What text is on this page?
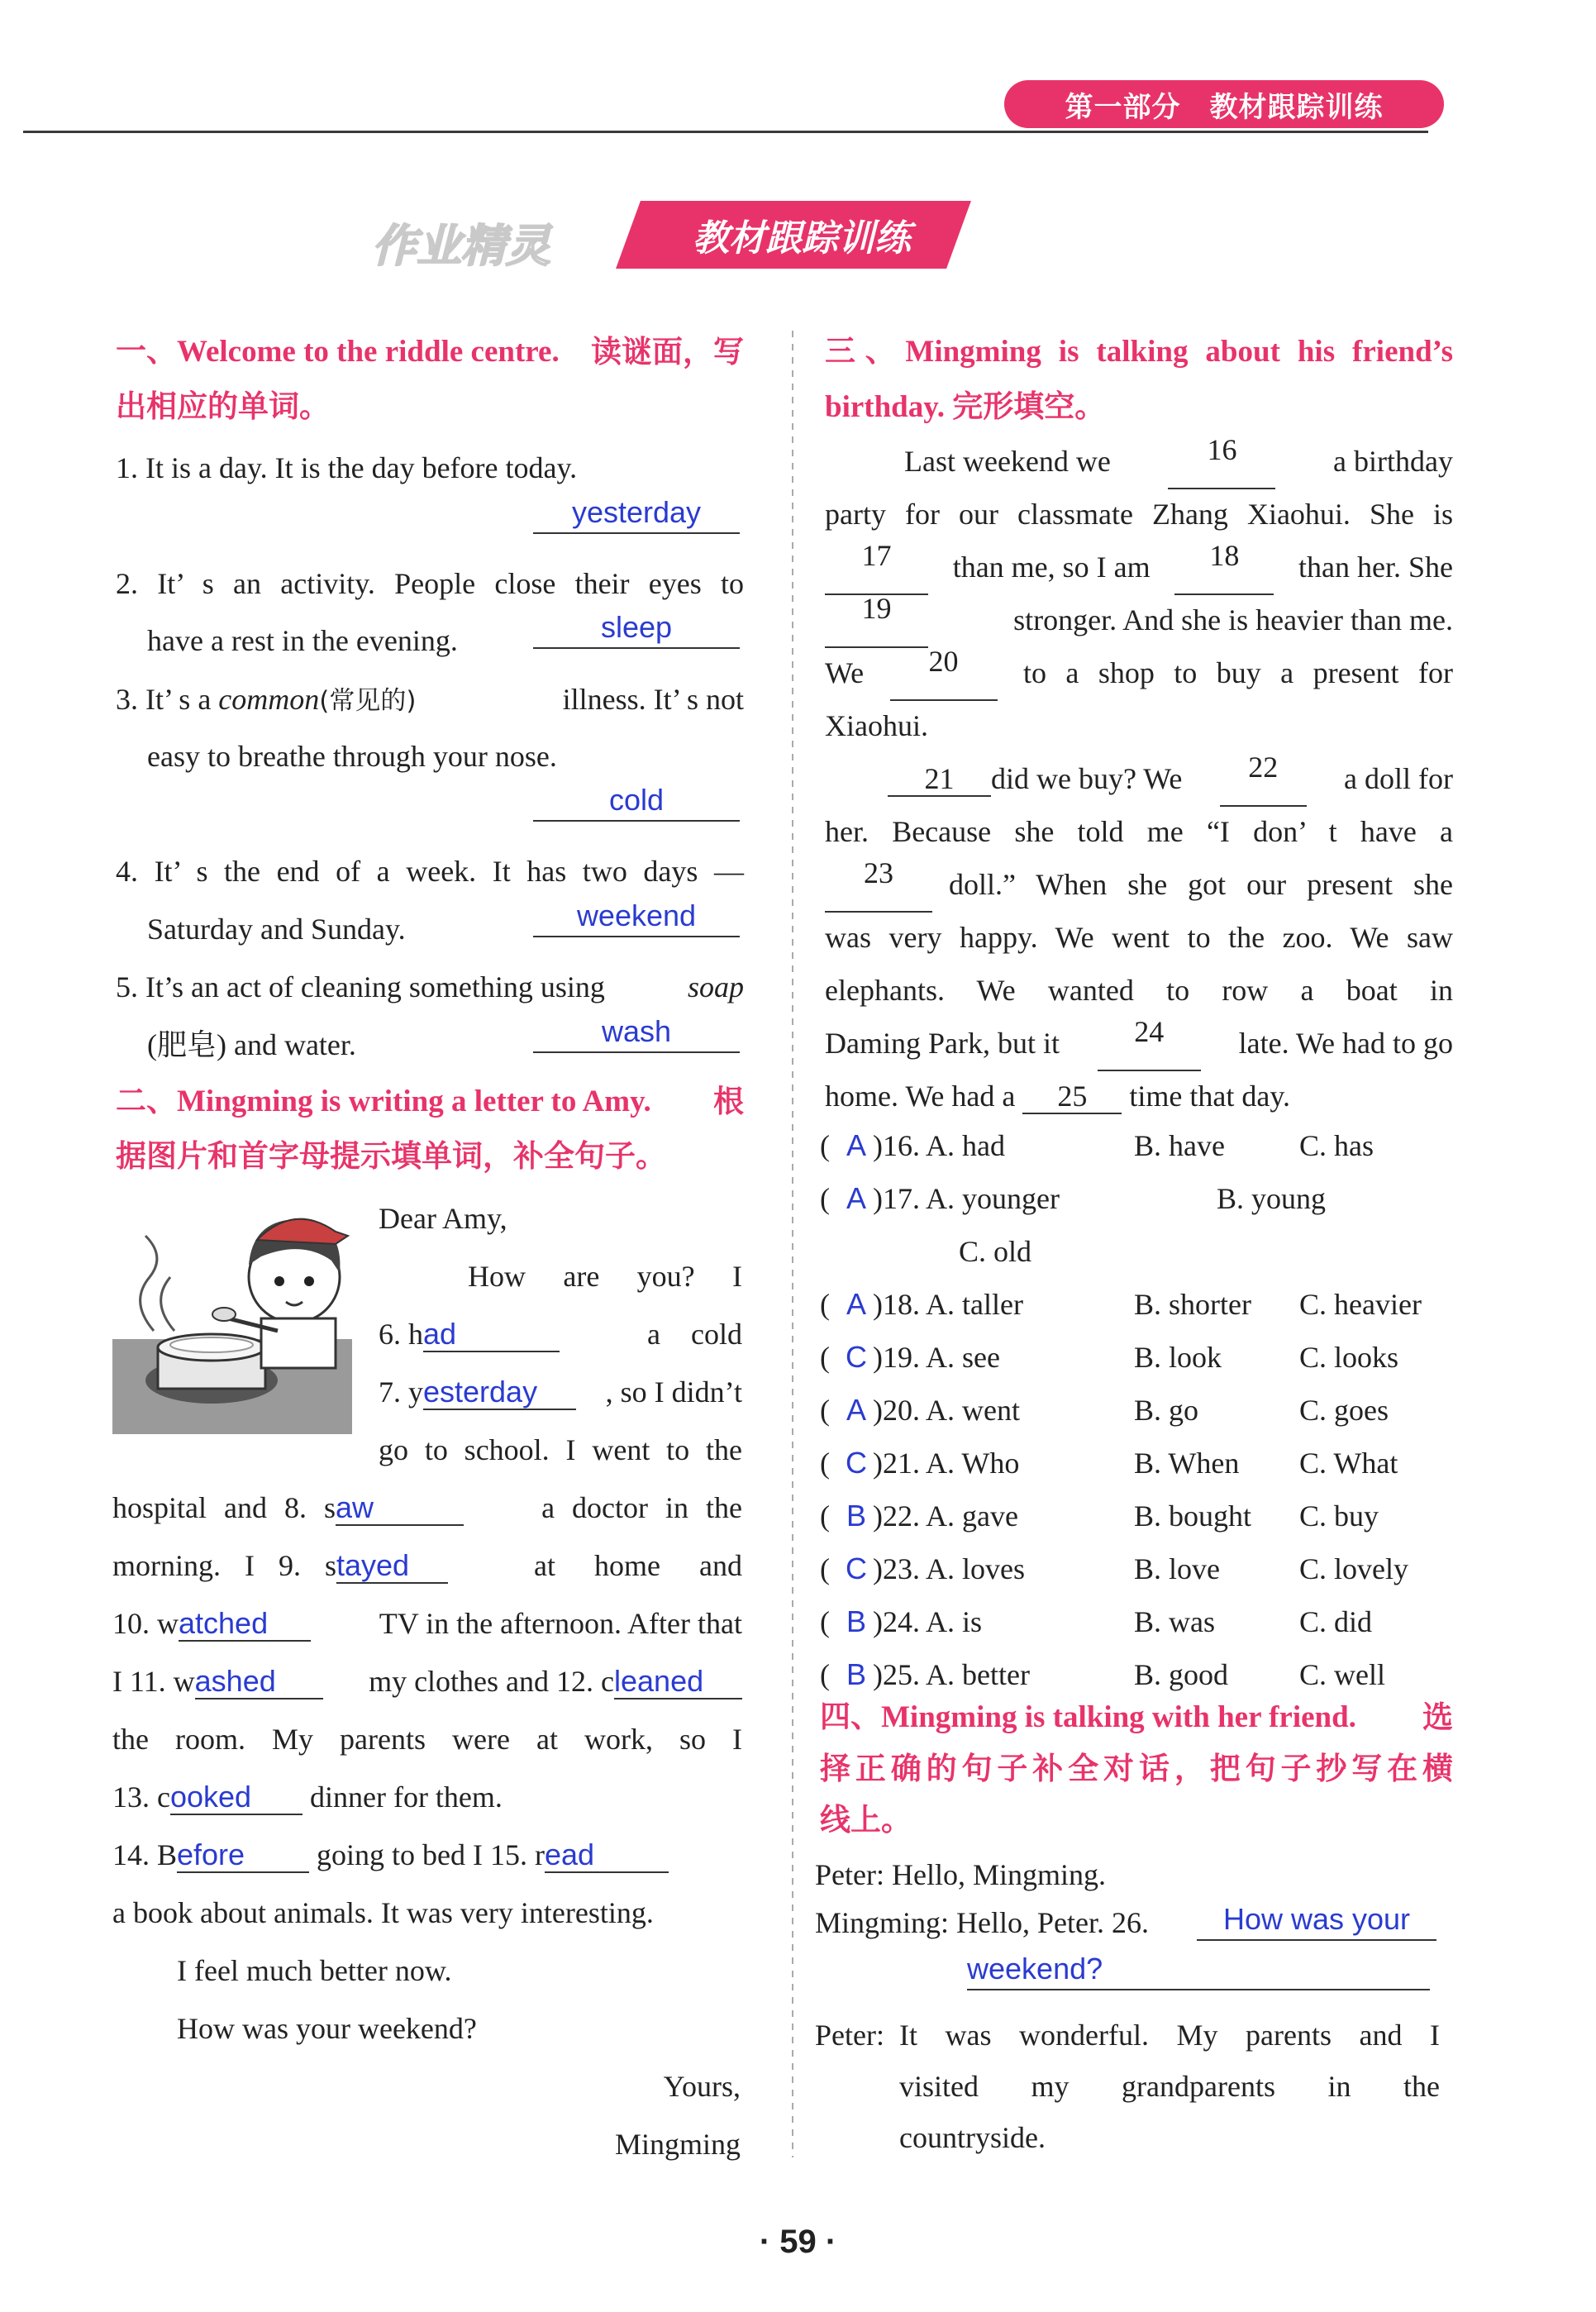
第一部分　教材跟踪训练
作业精灵	教材跟踪训练
一、Welcome to the riddle centre. 读谜面，写
出相应的单词。
1. It is a day. It is the day before today.
yesterday
2. It’ s an activity. People close their eyes to
have a rest in the evening.	sleep
3. It’ s a common(常见的)	illness. It’ s not
easy to breathe through your nose.
cold
4. It’ s the end of a week. It has two days —
Saturday and Sunday.	weekend
5. It’s an act of cleaning something using	soap
(肥皂) and water.	wash
二、Mingming is writing a letter to Amy. 根
据图片和首字母提示填单词，补全句子。
Dear Amy,
How are you? I
6. had	a cold
7. yesterday	, so I didn’t
go to school. I went to the
hospital and 8. saw	a doctor in the
morning. I 9. stayed	at home and
10. watched	TV in the afternoon. After that
I 11. washed	my clothes and 12. cleaned
the room. My parents were at work, so I
13. cooked dinner for them.
14. Before going to bed I 15. read
a book about animals. It was very interesting.
I feel much better now.
How was your weekend?
Yours,
Mingming
三、Mingming is talking about his friend’s
birthday. 完形填空。
Last weekend we	16	a birthday
party for our classmate Zhang Xiaohui. She is
17	than me, so I am	18	than her. She
19	stronger. And she is heavier than me.
We	20	to a shop to buy a present for
Xiaohui.
21 did we buy? We	22	a doll for
her. Because she told me “I don’ t have a
23	doll.” When she got our present she
was very happy. We went to the zoo. We saw
elephants. We wanted to row a boat in
Daming Park, but it	24	late. We had to go
home. We had a 25 time that day.
( A )16. A. had	B. have	C. has
( A )17. A. younger	B. young
C. old
( A )18. A. taller	B. shorter	C. heavier
( C )19. A. see	B. look	C. looks
( A )20. A. went	B. go	C. goes
( C )21. A. Who	B. When	C. What
( B )22. A. gave	B. bought	C. buy
( C )23. A. loves	B. love	C. lovely
( B )24. A. is	B. was	C. did
( B )25. A. better	B. good	C. well
四、Mingming is talking with her friend. 选
择正确的句子补全对话，把句子抄写在横
线上。
Peter: Hello, Mingming.
Mingming: Hello, Peter. 26.	How was your
weekend?
Peter: It was wonderful. My parents and I
visited my grandparents in the
countryside.
· 59 ·
